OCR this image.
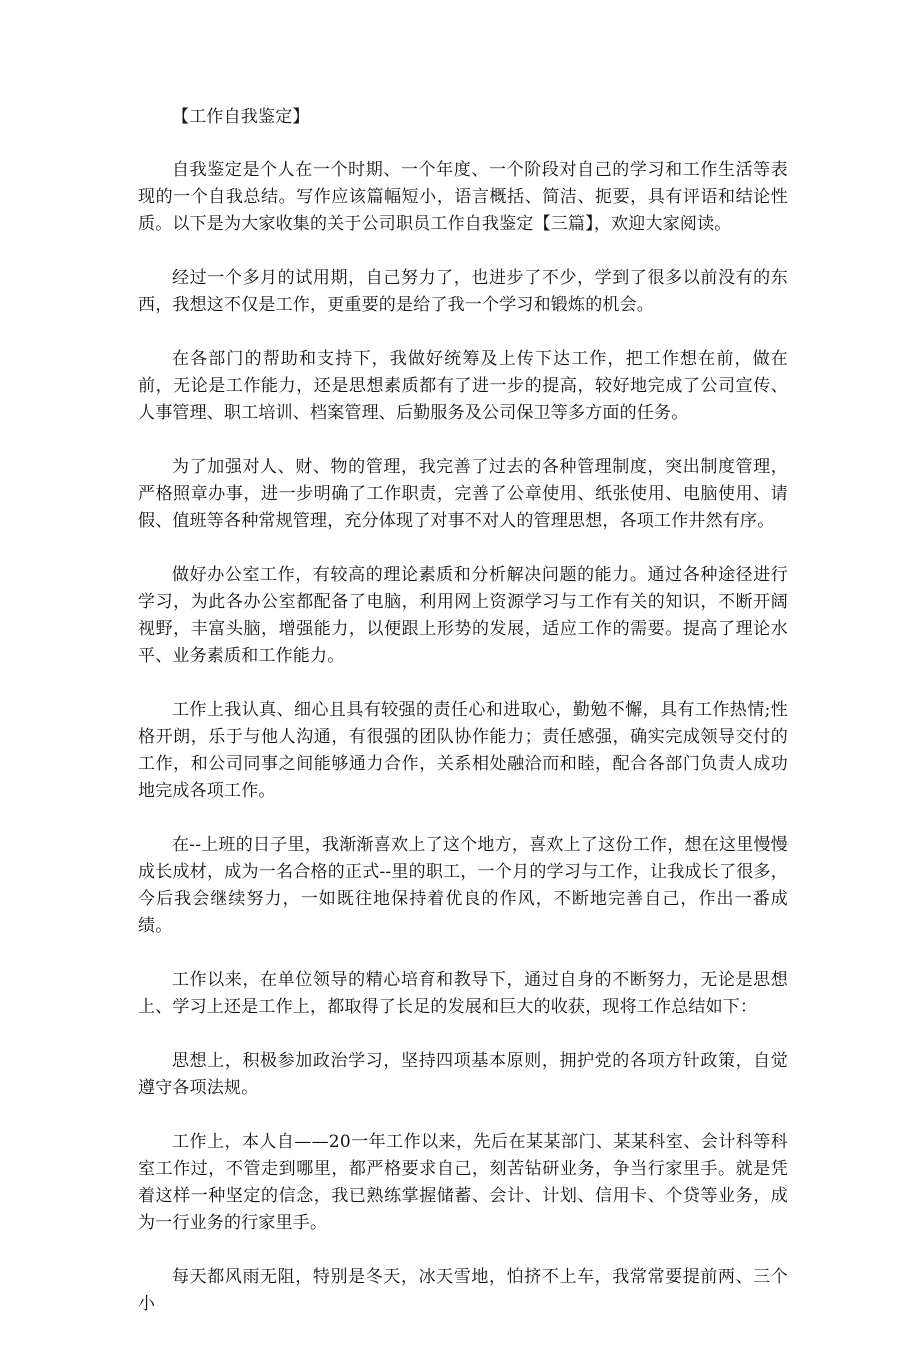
【工作自我鉴定】

自我鉴定是个人在一个时期、一个年度、一个阶段对自己的学习和工作生活等表现的一个自我总结。写作应该篇幅短小，语言概括、简洁、扼要，具有评语和结论性质。以下是为大家收集的关于公司职员工作自我鉴定【三篇】，欢迎大家阅读。

经过一个多月的试用期，自己努力了，也进步了不少，学到了很多以前没有的东西，我想这不仅是工作，更重要的是给了我一个学习和锻炼的机会。

在各部门的帮助和支持下，我做好统筹及上传下达工作，把工作想在前，做在前，无论是工作能力，还是思想素质都有了进一步的提高，较好地完成了公司宣传、人事管理、职工培训、档案管理、后勤服务及公司保卫等多方面的任务。

为了加强对人、财、物的管理，我完善了过去的各种管理制度，突出制度管理，严格照章办事，进一步明确了工作职责，完善了公章使用、纸张使用、电脑使用、请假、值班等各种常规管理，充分体现了对事不对人的管理思想，各项工作井然有序。

做好办公室工作，有较高的理论素质和分析解决问题的能力。通过各种途径进行学习，为此各办公室都配备了电脑，利用网上资源学习与工作有关的知识，不断开阔视野，丰富头脑，增强能力，以便跟上形势的发展，适应工作的需要。提高了理论水平、业务素质和工作能力。

工作上我认真、细心且具有较强的责任心和进取心，勤勉不懈，具有工作热情;性格开朗，乐于与他人沟通，有很强的团队协作能力；责任感强，确实完成领导交付的工作，和公司同事之间能够通力合作，关系相处融洽而和睦，配合各部门负责人成功地完成各项工作。

在--上班的日子里，我渐渐喜欢上了这个地方，喜欢上了这份工作，想在这里慢慢成长成材，成为一名合格的正式--里的职工，一个月的学习与工作，让我成长了很多，今后我会继续努力，一如既往地保持着优良的作风，不断地完善自己，作出一番成绩。

工作以来，在单位领导的精心培育和教导下，通过自身的不断努力，无论是思想上、学习上还是工作上，都取得了长足的发展和巨大的收获，现将工作总结如下：

思想上，积极参加政治学习，坚持四项基本原则，拥护党的各项方针政策，自觉遵守各项法规。

工作上，本人自——20一年工作以来，先后在某某部门、某某科室、会计科等科室工作过，不管走到哪里，都严格要求自己，刻苦钻研业务，争当行家里手。就是凭着这样一种坚定的信念，我已熟练掌握储蓄、会计、计划、信用卡、个贷等业务，成为一行业务的行家里手。

每天都风雨无阻，特别是冬天，冰天雪地，怕挤不上车，我常常要提前两、三个小
